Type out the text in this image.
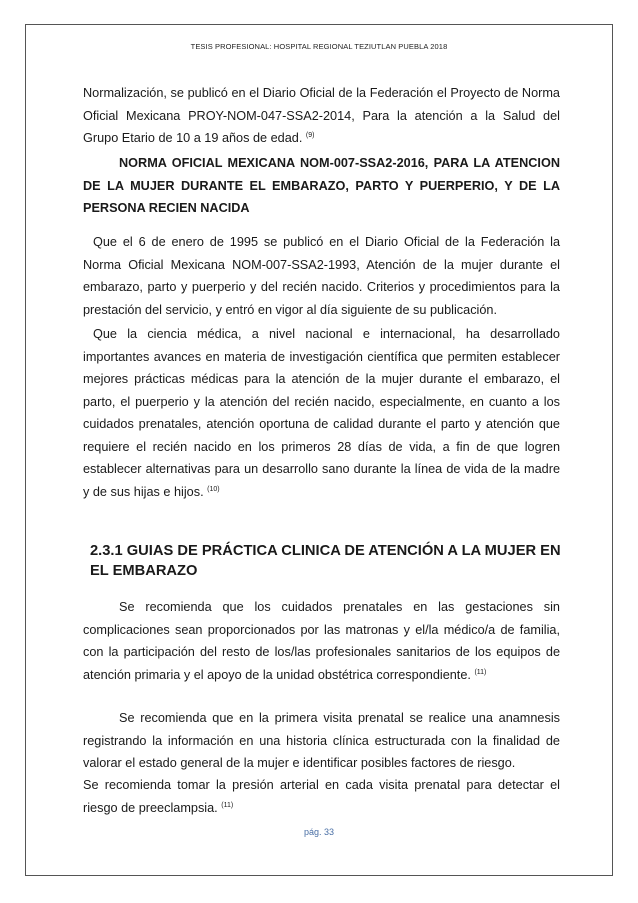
TESIS PROFESIONAL: HOSPITAL REGIONAL TEZIUTLAN PUEBLA 2018

Normalización, se publicó en el Diario Oficial de la Federación el Proyecto de Norma Oficial Mexicana PROY-NOM-047-SSA2-2014, Para la atención a la Salud del Grupo Etario de 10 a 19 años de edad. $^{(9)}$

NORMA OFICIAL MEXICANA NOM-007-SSA2-2016, PARA LA ATENCION DE LA MUJER DURANTE EL EMBARAZO, PARTO Y PUERPERIO, Y DE LA PERSONA RECIEN NACIDA

Que el 6 de enero de 1995 se publicó en el Diario Oficial de la Federación la Norma Oficial Mexicana NOM-007-SSA2-1993, Atención de la mujer durante el embarazo, parto y puerperio y del recién nacido. Criterios y procedimientos para la prestación del servicio, y entró en vigor al día siguiente de su publicación.

Que la ciencia médica, a nivel nacional e internacional, ha desarrollado importantes avances en materia de investigación científica que permiten establecer mejores prácticas médicas para la atención de la mujer durante el embarazo, el parto, el puerperio y la atención del recién nacido, especialmente, en cuanto a los cuidados prenatales, atención oportuna de calidad durante el parto y atención que requiere el recién nacido en los primeros 28 días de vida, a fin de que logren establecer alternativas para un desarrollo sano durante la línea de vida de la madre y de sus hijas e hijos. $^{(10)}$

2.3.1 GUIAS DE PRÁCTICA CLINICA DE ATENCIÓN A LA MUJER EN EL EMBARAZO

Se recomienda que los cuidados prenatales en las gestaciones sin complicaciones sean proporcionados por las matronas y el/la médico/a de familia, con la participación del resto de los/las profesionales sanitarios de los equipos de atención primaria y el apoyo de la unidad obstétrica correspondiente. $^{(11)}$

Se recomienda que en la primera visita prenatal se realice una anamnesis registrando la información en una historia clínica estructurada con la finalidad de valorar el estado general de la mujer e identificar posibles factores de riesgo.

Se recomienda tomar la presión arterial en cada visita prenatal para detectar el riesgo de preeclampsia. $^{(11)}$

pág. 33
